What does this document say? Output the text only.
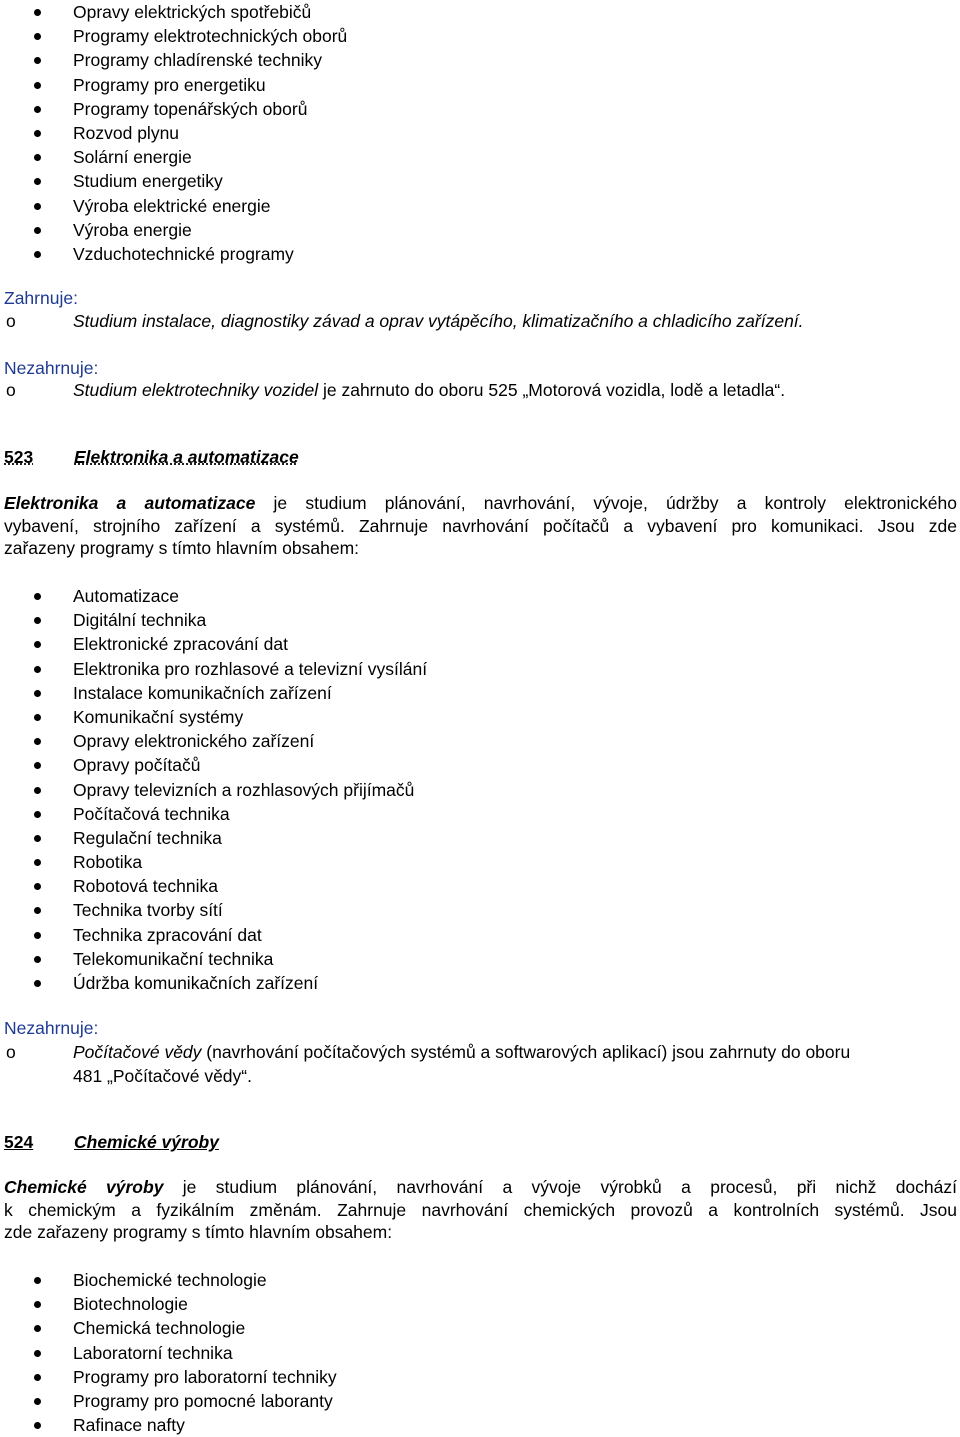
Opravy elektrických spotřebičů
Programy elektrotechnických oborů
Programy chladírenské techniky
Programy pro energetiku
Programy topenářských oborů
Rozvod plynu
Solární energie
Studium energetiky
Výroba elektrické energie
Výroba energie
Vzduchotechnické programy
Zahrnuje:
o	Studium instalace, diagnostiky závad a oprav vytápěcího, klimatizačního a chladicího zařízení.
Nezahrnuje:
o	Studium elektrotechniky vozidel je zahrnuto do oboru 525 „Motorová vozidla, lodě a letadla“.
523 Elektronika a automatizace
Elektronika a automatizace je studium plánování, navrhování, vývoje, údržby a kontroly elektronického
vybavení, strojního zařízení a systémů. Zahrnuje navrhování počítačů a vybavení pro komunikaci. Jsou zde
zařazeny programy s tímto hlavním obsahem:
Automatizace
Digitální technika
Elektronické zpracování dat
Elektronika pro rozhlasové a televizní vysílání
Instalace komunikačních zařízení
Komunikační systémy
Opravy elektronického zařízení
Opravy počítačů
Opravy televizních a rozhlasových přijímačů
Počítačová technika
Regulační technika
Robotika
Robotová technika
Technika tvorby sítí
Technika zpracování dat
Telekomunikační technika
Údržba komunikačních zařízení
Nezahrnuje:
o	Počítačové vědy (navrhování počítačových systémů a softwarových aplikací) jsou zahrnuty do oboru
481 „Počítačové vědy“.
524 Chemické výroby
Chemické výroby je studium plánování, navrhování a vývoje výrobků a procesů, při nichž dochází
k chemickým a fyzikálním změnám. Zahrnuje navrhování chemických provozů a kontrolních systémů. Jsou
zde zařazeny programy s tímto hlavním obsahem:
Biochemické technologie
Biotechnologie
Chemická technologie
Laboratorní technika
Programy pro laboratorní techniky
Programy pro pomocné laboranty
Rafinace nafty
